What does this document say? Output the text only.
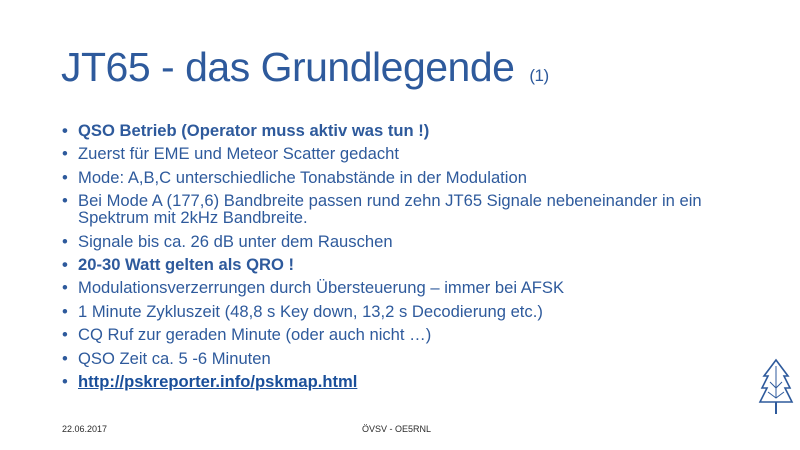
JT65 - das Grundlegende (1)
• QSO Betrieb (Operator muss aktiv was tun !)
• Zuerst für EME und Meteor Scatter gedacht
• Mode: A,B,C unterschiedliche Tonabstände in der Modulation
• Bei Mode A (177,6) Bandbreite passen rund zehn JT65 Signale nebeneinander in ein Spektrum mit 2kHz Bandbreite.
• Signale bis ca. 26 dB unter dem Rauschen
• 20-30 Watt gelten als QRO !
• Modulationsverzerrungen durch Übersteuerung – immer bei AFSK
• 1 Minute Zykluszeit (48,8 s Key down, 13,2 s Decodierung etc.)
• CQ Ruf zur geraden Minute (oder auch nicht …)
• QSO Zeit ca. 5 -6 Minuten
• http://pskreporter.info/pskmap.html
22.06.2017	ÖVSV - OE5RNL
